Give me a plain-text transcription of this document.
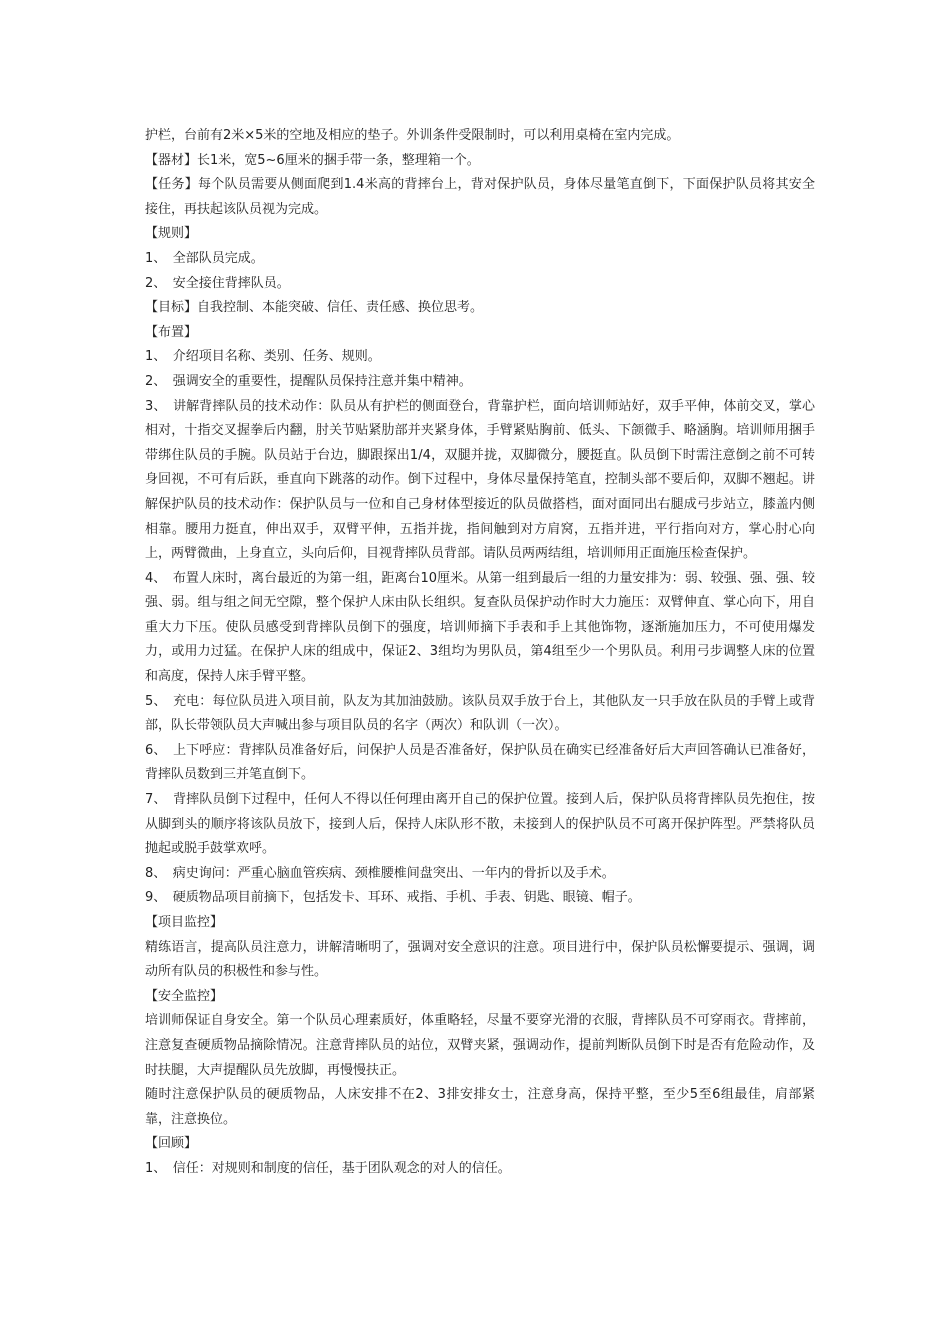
护栏，台前有2米×5米的空地及相应的垫子。外训条件受限制时，可以利用桌椅在室内完成。

【器材】长1米，宽5~6厘米的捆手带一条，整理箱一个。

【任务】每个队员需要从侧面爬到1.4米高的背摔台上，背对保护队员，身体尽量笔直倒下，下面保护队员将其安全接住，再扶起该队员视为完成。

【规则】

1、　全部队员完成。

2、　安全接住背摔队员。

【目标】自我控制、本能突破、信任、责任感、换位思考。

【布置】

1、　介绍项目名称、类别、任务、规则。

2、　强调安全的重要性，提醒队员保持注意并集中精神。

3、　讲解背摔队员的技术动作：队员从有护栏的侧面登台，背靠护栏，面向培训师站好，双手平伸，体前交叉，掌心相对，十指交叉握拳后内翻，肘关节贴紧肋部并夹紧身体，手臂紧贴胸前、低头、下颌微手、略涵胸。培训师用捆手带绑住队员的手腕。队员站于台边，脚跟探出1/4，双腿并拢，双脚微分，腰挺直。队员倒下时需注意倒之前不可转身回视，不可有后跃，垂直向下跳落的动作。倒下过程中，身体尽量保持笔直，控制头部不要后仰，双脚不翘起。讲解保护队员的技术动作：保护队员与一位和自己身材体型接近的队员做搭档，面对面同出右腿成弓步站立，膝盖内侧相靠。腰用力挺直，伸出双手，双臂平伸，五指并拢，指间触到对方肩窝，五指并进，平行指向对方，掌心肘心向上，两臂微曲，上身直立，头向后仰，目视背摔队员背部。请队员两两结组，培训师用正面施压检查保护。

4、　布置人床时，离台最近的为第一组，距离台10厘米。从第一组到最后一组的力量安排为：弱、较强、强、强、较强、弱。组与组之间无空隙，整个保护人床由队长组织。复查队员保护动作时大力施压：双臂伸直、掌心向下，用自重大力下压。使队员感受到背摔队员倒下的强度，培训师摘下手表和手上其他饰物，逐渐施加压力，不可使用爆发力，或用力过猛。在保护人床的组成中，保证2、3组均为男队员，第4组至少一个男队员。利用弓步调整人床的位置和高度，保持人床手臂平整。

5、　充电：每位队员进入项目前，队友为其加油鼓励。该队员双手放于台上，其他队友一只手放在队员的手臂上或背部，队长带领队员大声喊出参与项目队员的名字（两次）和队训（一次）。

6、　上下呼应：背摔队员准备好后，问保护人员是否准备好，保护队员在确实已经准备好后大声回答确认已准备好，背摔队员数到三并笔直倒下。

7、　背摔队员倒下过程中，任何人不得以任何理由离开自己的保护位置。接到人后，保护队员将背摔队员先抱住，按从脚到头的顺序将该队员放下，接到人后，保持人床队形不散，未接到人的保护队员不可离开保护阵型。严禁将队员抛起或脱手鼓掌欢呼。

8、　病史询问：严重心脑血管疾病、颈椎腰椎间盘突出、一年内的骨折以及手术。

9、　硬质物品项目前摘下，包括发卡、耳环、戒指、手机、手表、钥匙、眼镜、帽子。

【项目监控】

精练语言，提高队员注意力，讲解清晰明了，强调对安全意识的注意。项目进行中，保护队员松懈要提示、强调，调动所有队员的积极性和参与性。

【安全监控】

培训师保证自身安全。第一个队员心理素质好，体重略轻，尽量不要穿光滑的衣服，背摔队员不可穿雨衣。背摔前，注意复查硬质物品摘除情况。注意背摔队员的站位，双臂夹紧，强调动作，提前判断队员倒下时是否有危险动作，及时扶腿，大声提醒队员先放脚，再慢慢扶正。

随时注意保护队员的硬质物品，人床安排不在2、3排安排女士，注意身高，保持平整，至少5至6组最佳，肩部紧靠，注意换位。

【回顾】

1、　信任：对规则和制度的信任，基于团队观念的对人的信任。
